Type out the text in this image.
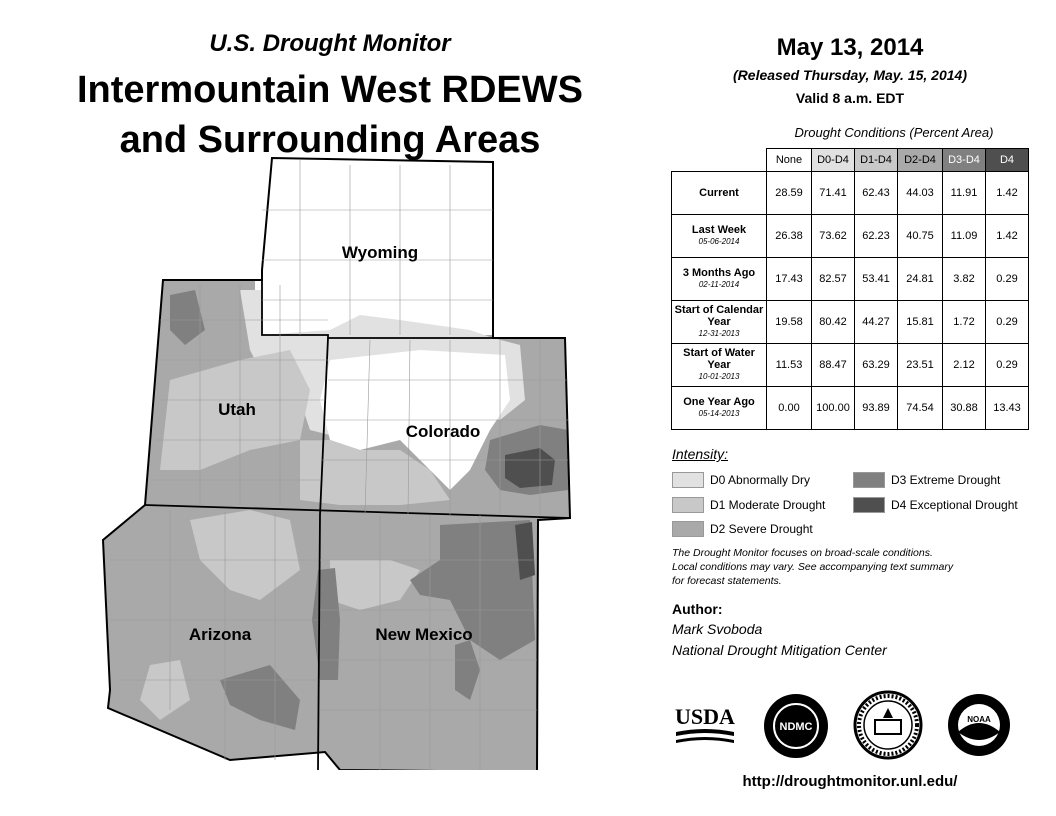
U.S. Drought Monitor
Intermountain West RDEWS
and Surrounding Areas
Wyoming
Utah
Colorado
Arizona	New Mexico
May 13, 2014
(Released Thursday, May. 15, 2014)
Valid 8 a.m. EDT
Drought Conditions (Percent Area)
	None	D0-D4	D1-D4	D2-D4	D3-D4	D4
Current	28.59	71.41	62.43	44.03	11.91	1.42
Last Week
05-06-2014	26.38	73.62	62.23	40.75	11.09	1.42
3 Months Ago
02-11-2014	17.43	82.57	53.41	24.81	3.82	0.29
Start of Calendar Year
12-31-2013	19.58	80.42	44.27	15.81	1.72	0.29
Start of Water Year
10-01-2013	11.53	88.47	63.29	23.51	2.12	0.29
One Year Ago
05-14-2013	0.00	100.00	93.89	74.54	30.88	13.43
Intensity:
D0 Abnormally Dry
D1 Moderate Drought
D2 Severe Drought
D3 Extreme Drought
D4 Exceptional Drought
The Drought Monitor focuses on broad-scale conditions.
Local conditions may vary. See accompanying text summary
for forecast statements.
Author:
Mark Svoboda
National Drought Mitigation Center
USDA	NDMC
NOAA
http://droughtmonitor.unl.edu/
